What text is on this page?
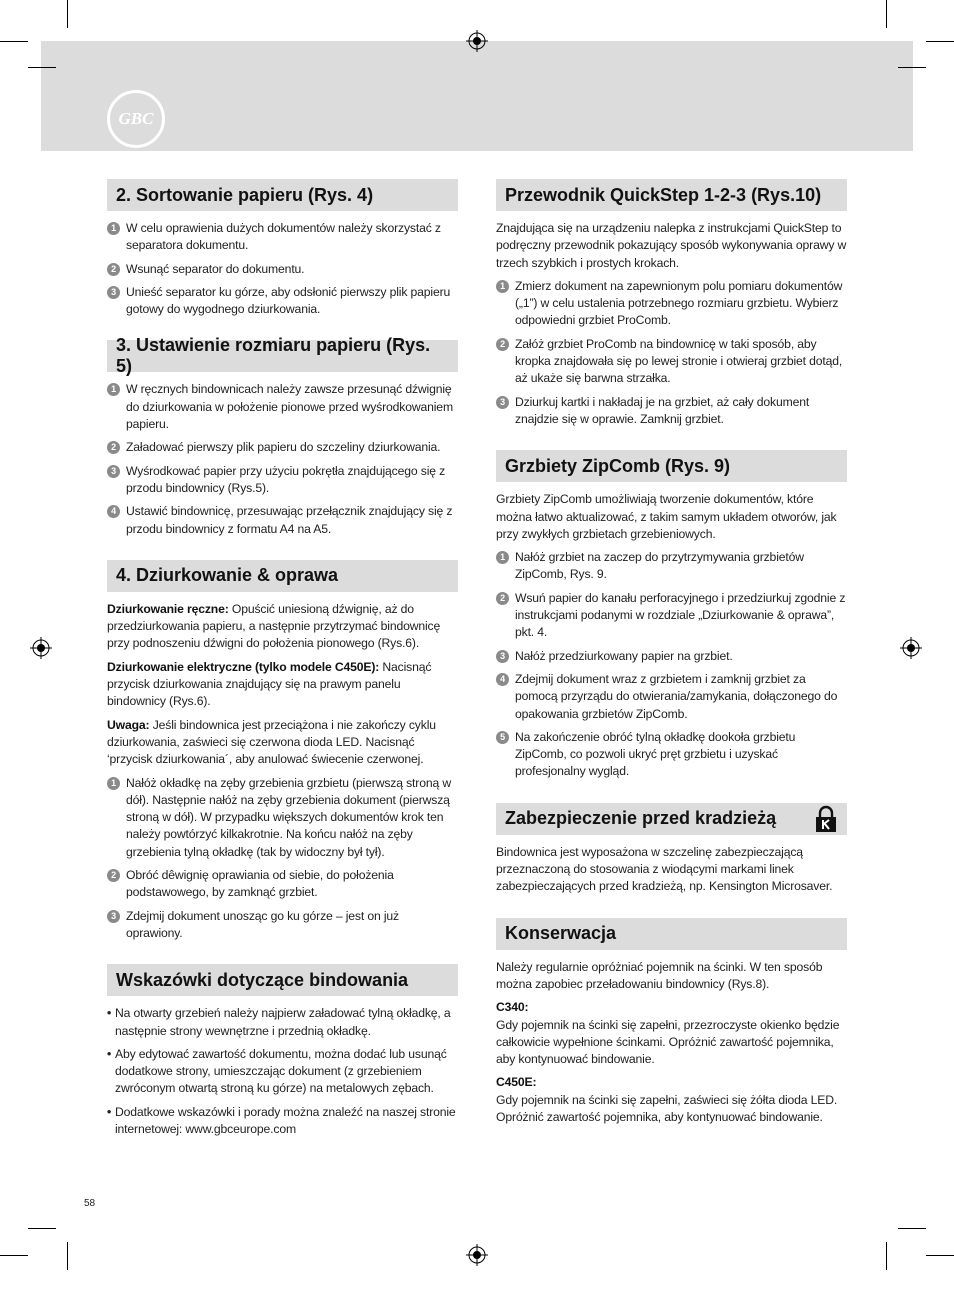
GBC
2. Sortowanie papieru (Rys. 4)
1 W celu oprawienia dużych dokumentów należy skorzystać z separatora dokumentu.
2 Wsunąć separator do dokumentu.
3 Unieść separator ku górze, aby odsłonić pierwszy plik papieru gotowy do wygodnego dziurkowania.
3. Ustawienie rozmiaru papieru (Rys. 5)
1 W ręcznych bindownicach należy zawsze przesunąć dźwignię do dziurkowania w położenie pionowe przed wyśrodkowaniem papieru.
2 Załadować pierwszy plik papieru do szczeliny dziurkowania.
3 Wyśrodkować papier przy użyciu pokrętła znajdującego się z przodu bindownicy (Rys.5).
4 Ustawić bindownicę, przesuwając przełącznik znajdujący się z przodu bindownicy z formatu A4 na A5.
4. Dziurkowanie & oprawa

Dziurkowanie ręczne: Opuścić uniesioną dźwignię, aż do przedziurkowania papieru, a następnie przytrzymać bindownicę przy podnoszeniu dźwigni do położenia pionowego (Rys.6).

Dziurkowanie elektryczne (tylko modele C450E): Nacisnąć przycisk dziurkowania znajdujący się na prawym panelu bindownicy (Rys.6).

Uwaga: Jeśli bindownica jest przeciążona i nie zakończy cyklu dziurkowania, zaświeci się czerwona dioda LED. Nacisnąć ‘przycisk dziurkowania´, aby anulować świecenie czerwonej.

1 Nałóż okładkę na zęby grzebienia grzbietu (pierwszą stroną w dół). Następnie nałóż na zęby grzebienia dokument (pierwszą stroną w dół). W przypadku większych dokumentów krok ten należy powtórzyć kilkakrotnie. Na końcu nałóż na zęby grzebienia tylną okładkę (tak by widoczny był tył).
2 Obróć dêwignię oprawiania od siebie, do położenia podstawowego, by zamknąć grzbiet.
3 Zdejmij dokument unosząc go ku górze – jest on już oprawiony.
Wskazówki dotyczące bindowania
• Na otwarty grzebień należy najpierw załadować tylną okładkę, a następnie strony wewnętrzne i przednią okładkę.
• Aby edytować zawartość dokumentu, można dodać lub usunąć dodatkowe strony, umieszczając dokument (z grzebieniem zwróconym otwartą stroną ku górze) na metalowych zębach.
• Dodatkowe wskazówki i porady można znaleźć na naszej stronie internetowej: www.gbceurope.com
Przewodnik QuickStep 1-2-3 (Rys.10)

Znajdująca się na urządzeniu nalepka z instrukcjami QuickStep to podręczny przewodnik pokazujący sposób wykonywania oprawy w trzech szybkich i prostych krokach.

1 Zmierz dokument na zapewnionym polu pomiaru dokumentów („1”) w celu ustalenia potrzebnego rozmiaru grzbietu. Wybierz odpowiedni grzbiet ProComb.
2 Załóż grzbiet ProComb na bindownicę w taki sposób, aby kropka znajdowała się po lewej stronie i otwieraj grzbiet dotąd, aż ukaże się barwna strzałka.
3 Dziurkuj kartki i nakładaj je na grzbiet, aż cały dokument znajdzie się w oprawie. Zamknij grzbiet.
Grzbiety ZipComb (Rys. 9)

Grzbiety ZipComb umożliwiają tworzenie dokumentów, które można łatwo aktualizować, z takim samym układem otworów, jak przy zwykłych grzbietach grzebieniowych.

1 Nałóż grzbiet na zaczep do przytrzymywania grzbietów ZipComb, Rys. 9.
2 Wsuń papier do kanału perforacyjnego i przedziurkuj zgodnie z instrukcjami podanymi w rozdziale „Dziurkowanie & oprawa”, pkt. 4.
3 Nałóż przedziurkowany papier na grzbiet.
4 Zdejmij dokument wraz z grzbietem i zamknij grzbiet za pomocą przyrządu do otwierania/zamykania, dołączonego do opakowania grzbietów ZipComb.
5 Na zakończenie obróć tylną okładkę dookoła grzbietu ZipComb, co pozwoli ukryć pręt grzbietu i uzyskać profesjonalny wygląd.
Zabezpieczenie przed kradzieżą

Bindownica jest wyposażona w szczelinę zabezpieczającą przeznaczoną do stosowania z wiodącymi markami linek zabezpieczających przed kradzieżą, np. Kensington Microsaver.

Konserwacja

Należy regularnie opróżniać pojemnik na ścinki. W ten sposób można zapobiec przeładowaniu bindownicy (Rys.8).

C340:

Gdy pojemnik na ścinki się zapełni, przezroczyste okienko będzie całkowicie wypełnione ścinkami. Opróżnić zawartość pojemnika, aby kontynuować bindowanie.

C450E:

Gdy pojemnik na ścinki się zapełni, zaświeci się żółta dioda LED. Opróżnić zawartość pojemnika, aby kontynuować bindowanie.

58
